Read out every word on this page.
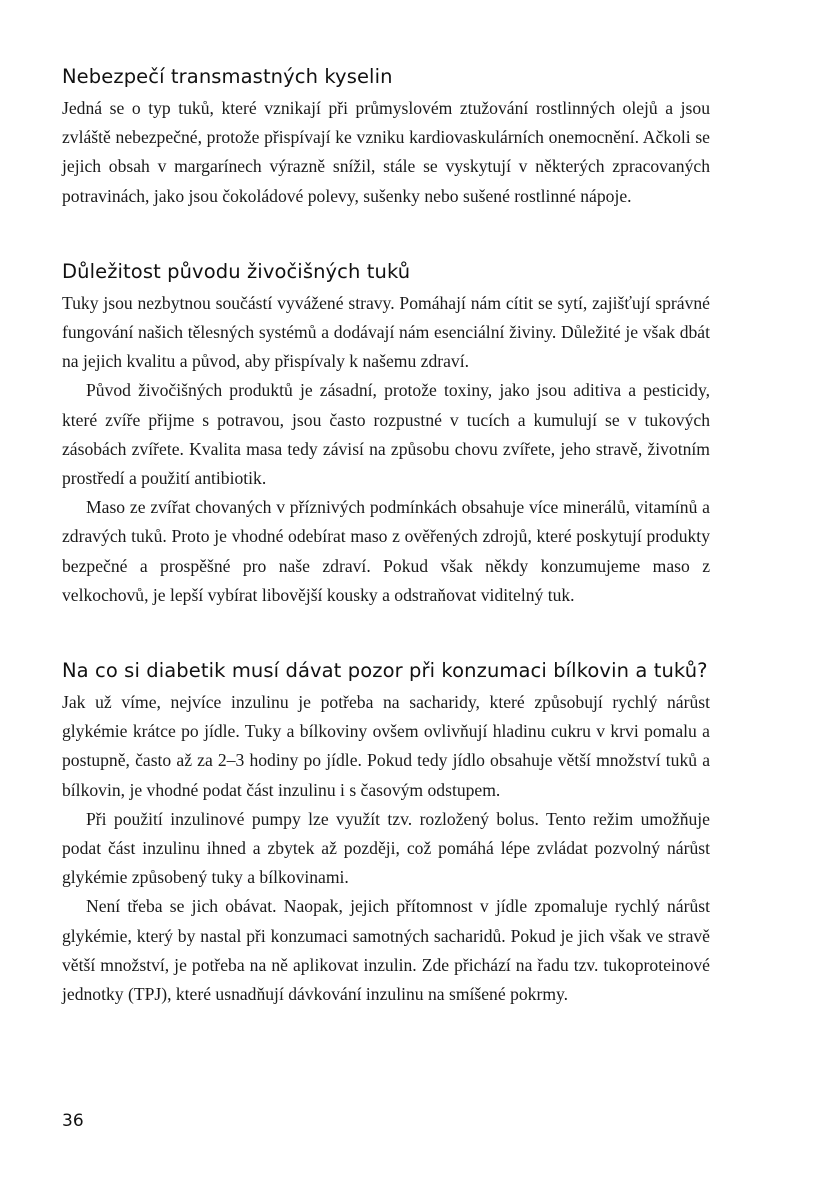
Nebezpečí transmastných kyselin

Jedná se o typ tuků, které vznikají při průmyslovém ztužování rostlinných olejů a jsou zvláště nebezpečné, protože přispívají ke vzniku kardiovaskulárních onemocnění. Ačkoli se jejich obsah v margarínech výrazně snížil, stále se vyskytují v některých zpracovaných potravinách, jako jsou čokoládové polevy, sušenky nebo sušené rostlinné nápoje.

Důležitost původu živočišných tuků

Tuky jsou nezbytnou součástí vyvážené stravy. Pomáhají nám cítit se sytí, zajišťují správné fungování našich tělesných systémů a dodávají nám esenciální živiny. Důležité je však dbát na jejich kvalitu a původ, aby přispívaly k našemu zdraví.

Původ živočišných produktů je zásadní, protože toxiny, jako jsou aditiva a pesticidy, které zvíře přijme s potravou, jsou často rozpustné v tucích a kumulují se v tukových zásobách zvířete. Kvalita masa tedy závisí na způsobu chovu zvířete, jeho stravě, životním prostředí a použití antibiotik.

Maso ze zvířat chovaných v příznivých podmínkách obsahuje více minerálů, vitamínů a zdravých tuků. Proto je vhodné odebírat maso z ověřených zdrojů, které poskytují produkty bezpečné a prospěšné pro naše zdraví. Pokud však někdy konzumujeme maso z velkochovů, je lepší vybírat libovější kousky a odstraňovat viditelný tuk.

Na co si diabetik musí dávat pozor při konzumaci bílkovin a tuků?

Jak už víme, nejvíce inzulinu je potřeba na sacharidy, které způsobují rychlý nárůst glykémie krátce po jídle. Tuky a bílkoviny ovšem ovlivňují hladinu cukru v krvi pomalu a postupně, často až za 2–3 hodiny po jídle. Pokud tedy jídlo obsahuje větší množství tuků a bílkovin, je vhodné podat část inzulinu i s časovým odstupem.

Při použití inzulinové pumpy lze využít tzv. rozložený bolus. Tento režim umožňuje podat část inzulinu ihned a zbytek až později, což pomáhá lépe zvládat pozvolný nárůst glykémie způsobený tuky a bílkovinami.

Není třeba se jich obávat. Naopak, jejich přítomnost v jídle zpomaluje rychlý nárůst glykémie, který by nastal při konzumaci samotných sacharidů. Pokud je jich však ve stravě větší množství, je potřeba na ně aplikovat inzulin. Zde přichází na řadu tzv. tukoproteinové jednotky (TPJ), které usnadňují dávkování inzulinu na smíšené pokrmy.

36
